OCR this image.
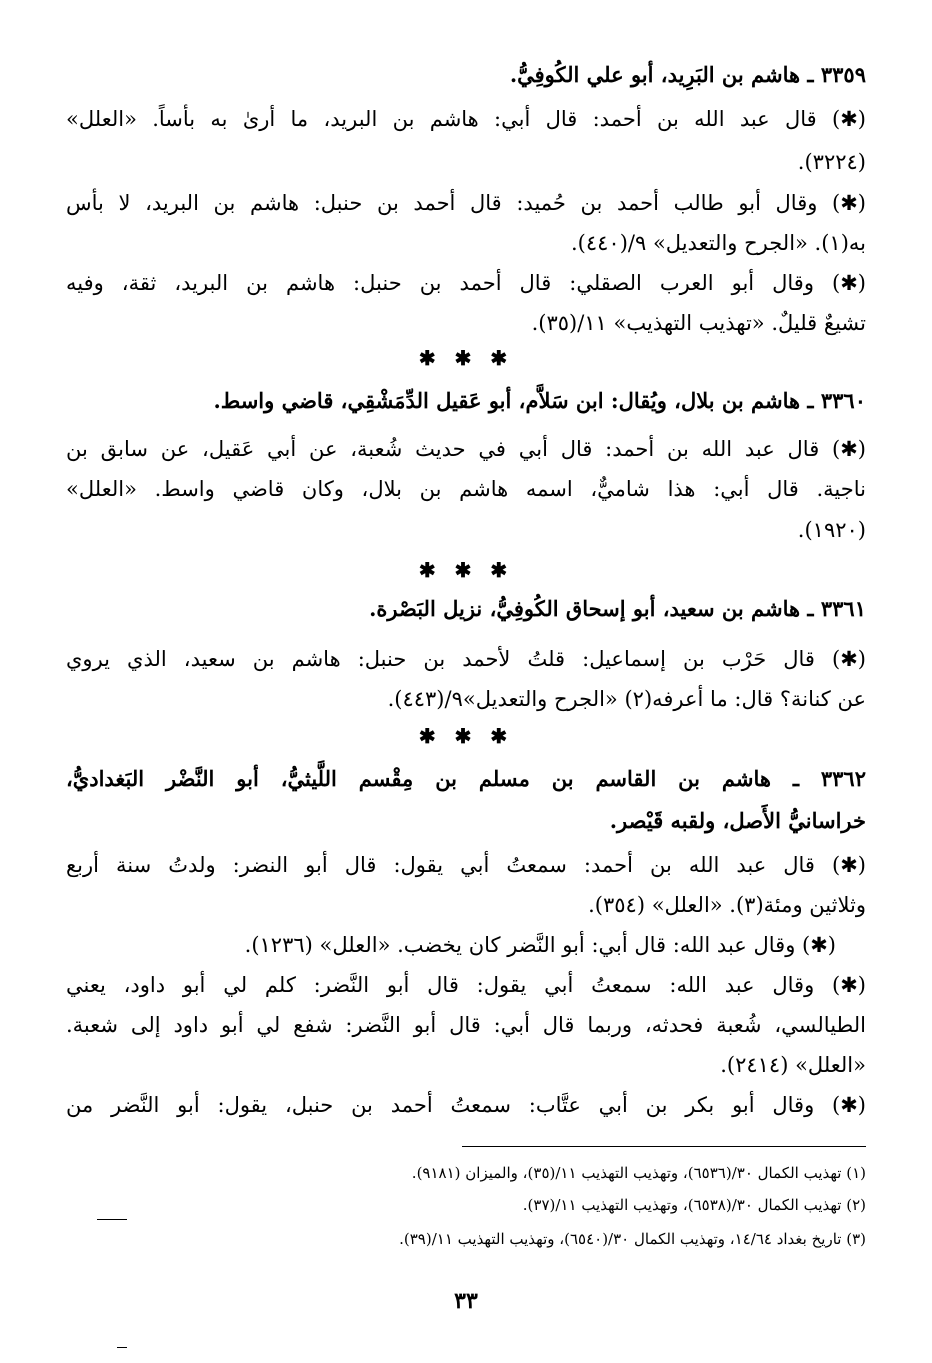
٣٣٥٩ ـ هاشم بن البَرِيد، أبو علي الكُوفِيُّ.
(✱) قال عبد الله بن أحمد: قال أبي: هاشم بن البريد، ما أرىٰ به بأساً. «العلل»
(٣٢٢٤).
(✱) وقال أبو طالب أحمد بن حُميد: قال أحمد بن حنبل: هاشم بن البريد، لا بأس
به(١). «الجرح والتعديل» ٩/(٤٤٠).
(✱) وقال أبو العرب الصقلي: قال أحمد بن حنبل: هاشم بن البريد، ثقة، وفيه
تشيعٌ قليلٌ. «تهذيب التهذيب» ١١/(٣٥).
✱ ✱ ✱
٣٣٦٠ ـ هاشم بن بلال، ويُقال: ابن سَلاَّم، أبو عَقيل الدِّمَشْقِي، قاضي واسط.
(✱) قال عبد الله بن أحمد: قال أبي في حديث شُعبة، عن أبي عَقيل، عن سابق بن
ناجية. قال أبي: هذا شاميٌّ، اسمه هاشم بن بلال، وكان قاضي واسط. «العلل»
(١٩٢٠).
✱ ✱ ✱
٣٣٦١ ـ هاشم بن سعيد، أبو إسحاق الكُوفِيُّ، نزيل البَصْرة.
(✱) قال حَرْب بن إسماعيل: قلتُ لأحمد بن حنبل: هاشم بن سعيد، الذي يروي
عن كنانة؟ قال: ما أعرفه(٢) «الجرح والتعديل»٩/(٤٤٣).
✱ ✱ ✱
٣٣٦٢ ـ هاشم بن القاسم بن مسلم بن مِقْسم اللَّيثيُّ، أبو النَّضْر البَغداديُّ،
خراسانيُّ الأَصل، ولقبه قَيْصر.
(✱) قال عبد الله بن أحمد: سمعتُ أبي يقول: قال أبو النضر: ولدتُ سنة أربع
وثلاثين ومئة(٣). «العلل» (٣٥٤).
(✱) وقال عبد الله: قال أبي: أبو النَّضر كان يخضب. «العلل» (١٢٣٦).
(✱) وقال عبد الله: سمعتُ أبي يقول: قال أبو النَّضر: كلم لي أبو داود، يعني
الطيالسي، شُعبة فحدثه، وربما قال أبي: قال أبو النَّضر: شفع لي أبو داود إلى شعبة.
«العلل» (٢٤١٤).
(✱) وقال أبو بكر بن أبي عتَّاب: سمعتُ أحمد بن حنبل، يقول: أبو النَّضر من
(١) تهذيب الكمال ٣٠/(٦٥٣٦)، وتهذيب التهذيب ١١/(٣٥)، والميزان (٩١٨١).
(٢) تهذيب الكمال ٣٠/(٦٥٣٨)، وتهذيب التهذيب ١١/(٣٧).
(٣) تاريخ بغداد ١٤/٦٤، وتهذيب الكمال ٣٠/(٦٥٤٠)، وتهذيب التهذيب ١١/(٣٩).
٣٣
